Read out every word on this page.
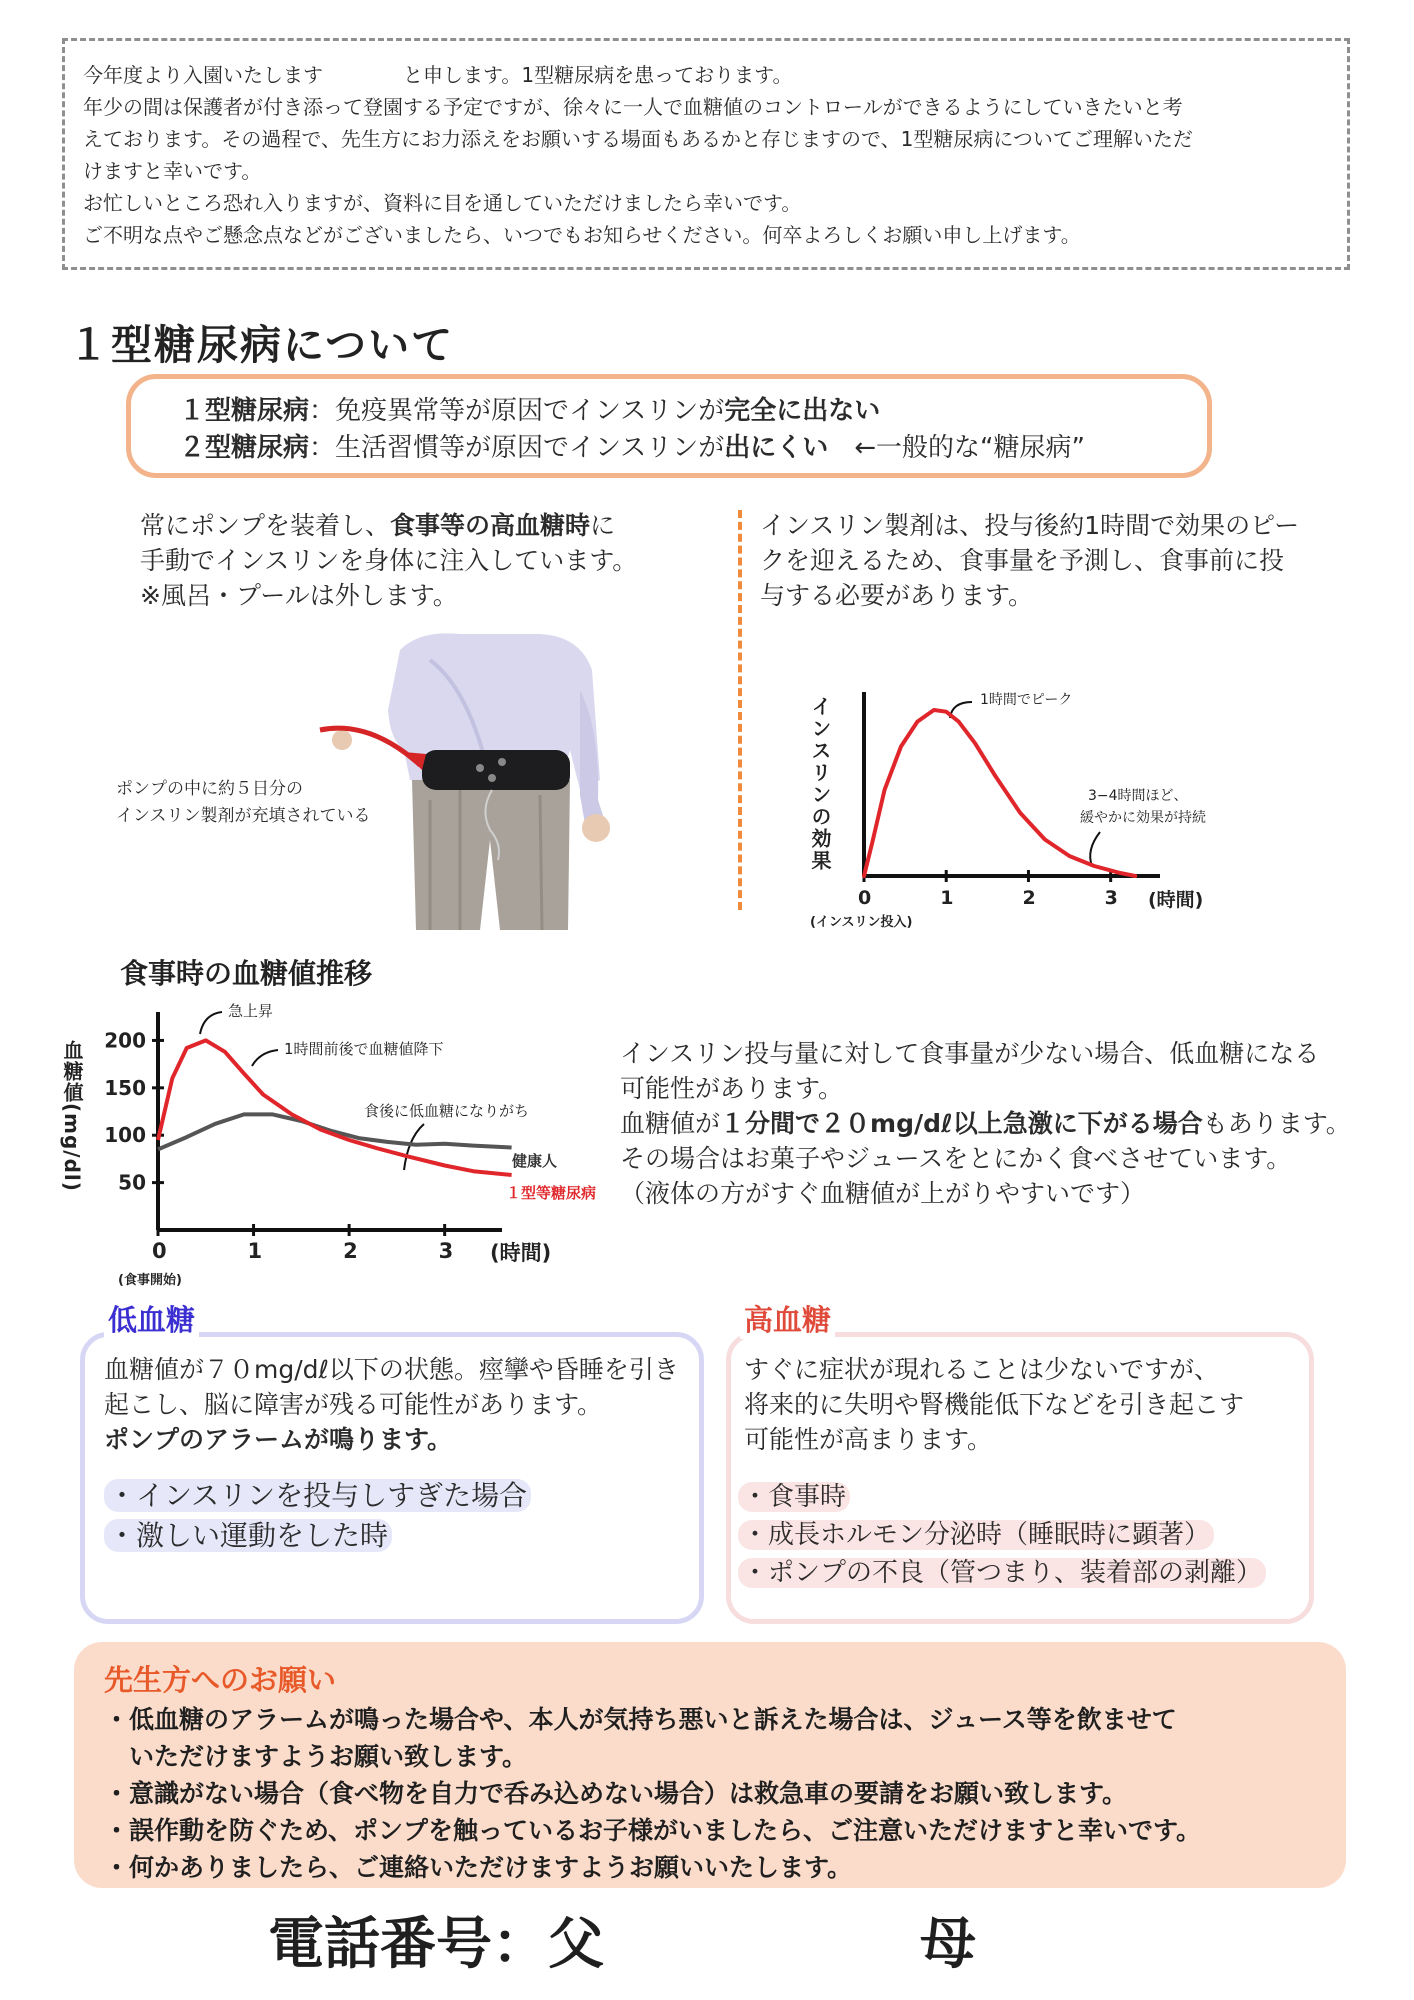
今年度より入園いたします　　　　と申します。1型糖尿病を患っております。

年少の間は保護者が付き添って登園する予定ですが、徐々に一人で血糖値のコントロールができるようにしていきたいと考

えております。その過程で、先生方にお力添えをお願いする場面もあるかと存じますので、1型糖尿病についてご理解いただ

けますと幸いです。

お忙しいところ恐れ入りますが、資料に目を通していただけましたら幸いです。

ご不明な点やご懸念点などがございましたら、いつでもお知らせください。何卒よろしくお願い申し上げます。

１型糖尿病について
１型糖尿病：免疫異常等が原因でインスリンが完全に出ない
２型糖尿病：生活習慣等が原因でインスリンが出にくい　←一般的な“糖尿病”
常にポンプを装着し、食事等の高血糖時に
手動でインスリンを身体に注入しています。
※風呂・プールは外します。
ポンプの中に約５日分の
インスリン製剤が充填されている
インスリン製剤は、投与後約1時間で効果のピー
クを迎えるため、食事量を予測し、食事前に投
与する必要があります。
インスリンの効果
(時間)
(インスリン投入)
1時間でピーク
3−4時間ほど、
緩やかに効果が持続
0	1	2	3
食事時の血糖値推移
血糖値(mg/dl)
(時間)
(食事開始)
急上昇
1時間前後で血糖値降下
食後に低血糖になりがち
0	1	2	3
200
150
100
50
健康人
１型等糖尿病
インスリン投与量に対して食事量が少ない場合、低血糖になる
可能性があります。
血糖値が１分間で２０mg/dℓ以上急激に下がる場合もあります。
その場合はお菓子やジュースをとにかく食べさせています。
（液体の方がすぐ血糖値が上がりやすいです）
低血糖
血糖値が７０mg/dℓ以下の状態。痙攣や昏睡を引き
起こし、脳に障害が残る可能性があります。
ポンプのアラームが鳴ります。
・インスリンを投与しすぎた場合
・激しい運動をした時
高血糖
すぐに症状が現れることは少ないですが、
将来的に失明や腎機能低下などを引き起こす
可能性が高まります。
・食事時
・成長ホルモン分泌時（睡眠時に顕著）
・ポンプの不良（管つまり、装着部の剥離）
先生方へのお願い
・低血糖のアラームが鳴った場合や、本人が気持ち悪いと訴えた場合は、ジュース等を飲ませて
　いただけますようお願い致します。
・意識がない場合（食べ物を自力で呑み込めない場合）は救急車の要請をお願い致します。
・誤作動を防ぐため、ポンプを触っているお子様がいましたら、ご注意いただけますと幸いです。
・何かありましたら、ご連絡いただけますようお願いいたします。
電話番号：父	母
